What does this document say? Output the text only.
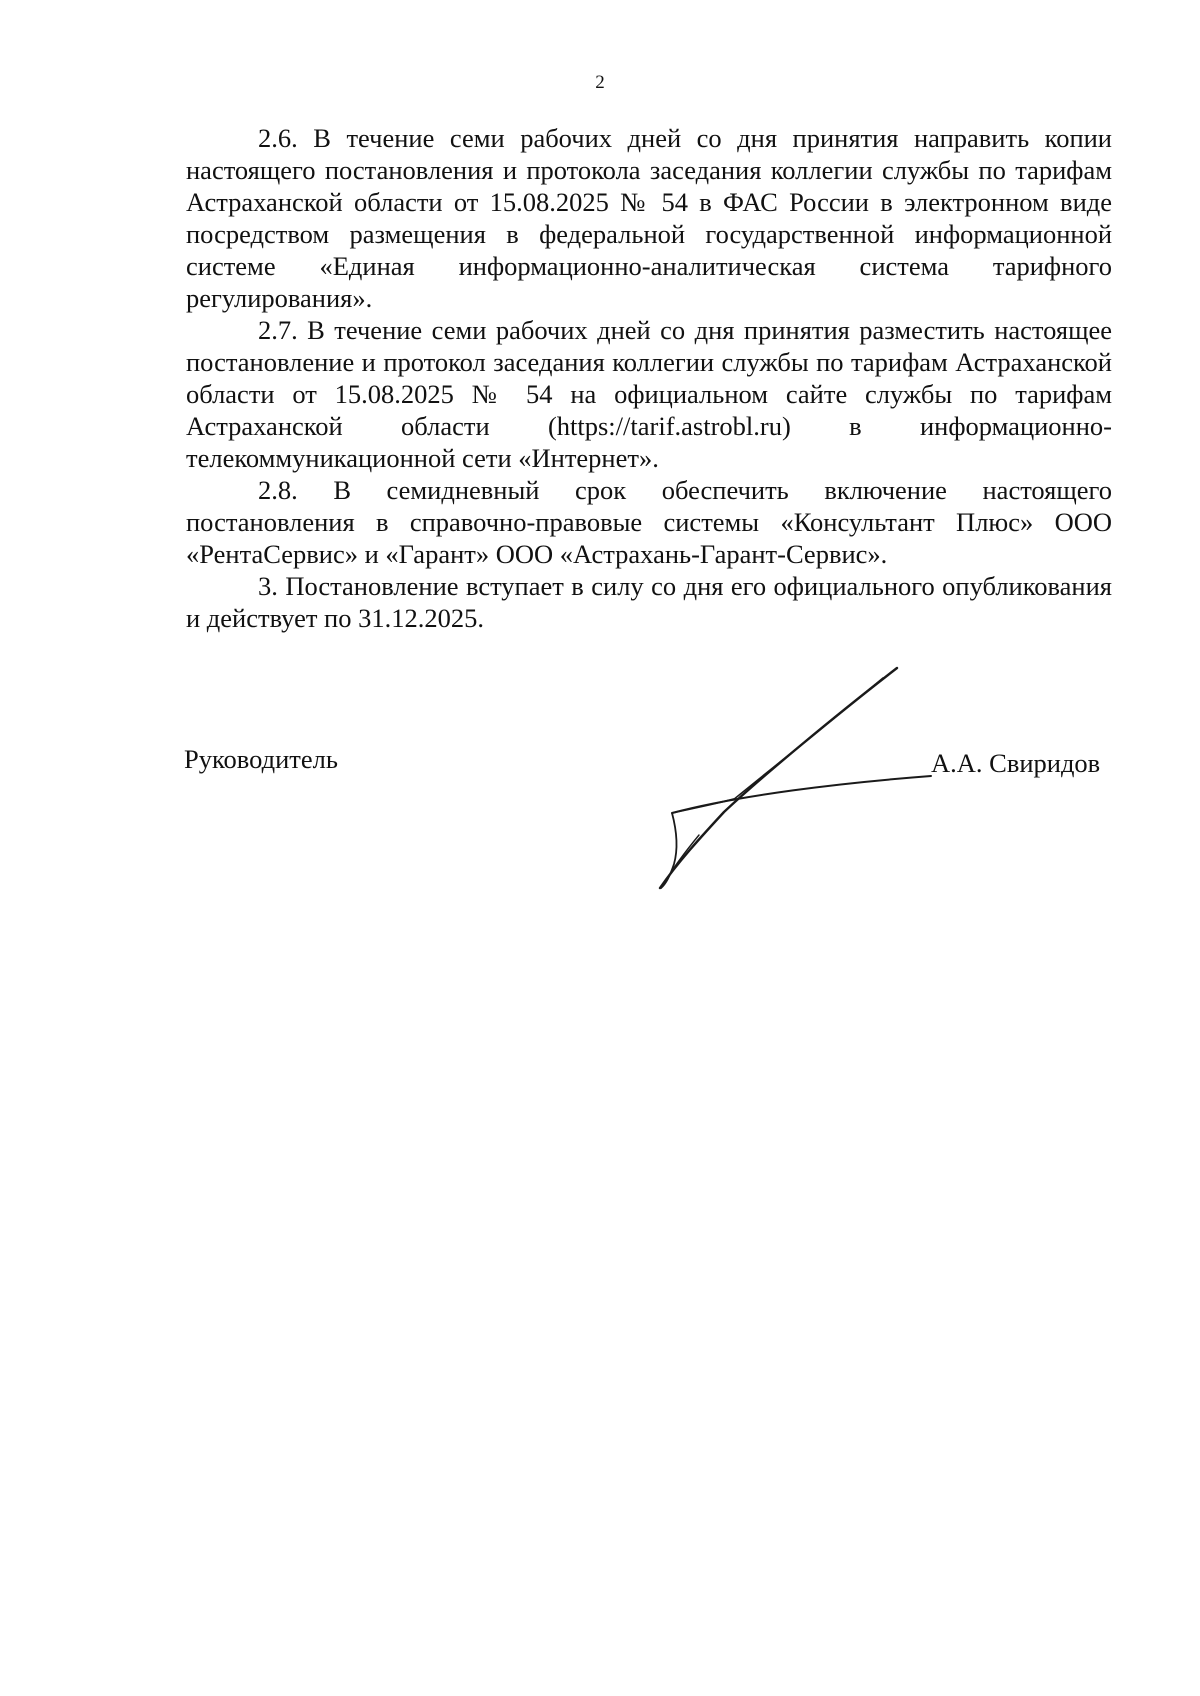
2

2.6. В течение семи рабочих дней со дня принятия направить копии настоящего постановления и протокола заседания коллегии службы по тарифам Астраханской области от 15.08.2025 № 54 в ФАС России в электронном виде посредством размещения в федеральной государственной информационной системе «Единая информационно-аналитическая система тарифного регулирования».

2.7. В течение семи рабочих дней со дня принятия разместить настоящее постановление и протокол заседания коллегии службы по тарифам Астраханской области от 15.08.2025 № 54 на официальном сайте службы по тарифам Астраханской области (https://tarif.astrobl.ru) в информационно-телекоммуникационной сети «Интернет».

2.8. В семидневный срок обеспечить включение настоящего постановления в справочно-правовые системы «Консультант Плюс» ООО «РентаСервис» и «Гарант» ООО «Астрахань-Гарант-Сервис».

3. Постановление вступает в силу со дня его официального опубликования и действует по 31.12.2025.

Руководитель	А.А. Свиридов
